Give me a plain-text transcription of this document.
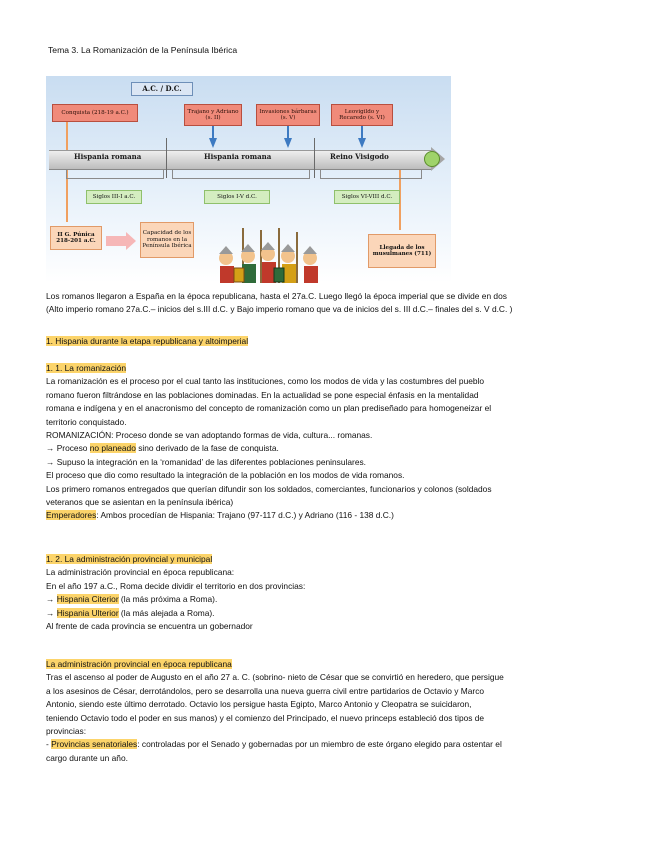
Tema 3. La Romanización de la Península Ibérica
A.C. / D.C.
Conquista (218-19 a.C.)	Trajano y Adriano (s. II)
Invasiones bárbaras (s. V)
Leovigildo y Recaredo (s. VI)
Hispania romana	Hispania romana	Reino Visigodo
Siglos III-I a.C.	Siglos I-V d.C.	Siglos VI-VIII d.C.
II G. Púnica 218-201 a.C.
Capacidad de los romanos en la Península Ibérica	Llegada de los musulmanes (711)
Los romanos llegaron a España en la época republicana, hasta el 27a.C. Luego llegó la época imperial que se divide en dos
(Alto imperio romano 27a.C.– inicios del s.III d.C. y Bajo imperio romano que va de inicios del s. III d.C.– finales del s. V d.C. )
1. Hispania durante la etapa republicana y altoimperial
1. 1. La romanización
La romanización es el proceso por el cual tanto las instituciones, como los modos de vida y las costumbres del pueblo
romano fueron filtrándose en las poblaciones dominadas. En la actualidad se pone especial énfasis en la mentalidad
romana e indígena y en el anacronismo del concepto de romanización como un plan prediseñado para homogeneizar el
territorio conquistado.
ROMANIZACIÓN: Proceso donde se van adoptando formas de vida, cultura... romanas.
→ Proceso no planeado sino derivado de la fase de conquista.
→ Supuso la integración en la ‘romanidad’ de las diferentes poblaciones peninsulares.
El proceso que dio como resultado la integración de la población en los modos de vida romanos.
Los primero romanos entregados que querían difundir son los soldados, comerciantes, funcionarios y colonos (soldados
veteranos que se asientan en la península ibérica)
Emperadores: Ambos procedían de Hispania: Trajano (97-117 d.C.) y Adriano (116 - 138 d.C.)
1. 2. La administración provincial y municipal
La administración provincial en época republicana:
En el año 197 a.C., Roma decide dividir el territorio en dos provincias:
→ Hispania Citerior (la más próxima a Roma).
→ Hispania Ulterior (la más alejada a Roma).
Al frente de cada provincia se encuentra un gobernador
La administración provincial en época republicana
Tras el ascenso al poder de Augusto en el año 27 a. C. (sobrino- nieto de César que se convirtió en heredero, que persigue
a los asesinos de César, derrotándolos, pero se desarrolla una nueva guerra civil entre partidarios de Octavio y Marco
Antonio, siendo este último derrotado. Octavio los persigue hasta Egipto, Marco Antonio y Cleopatra se suicidaron,
teniendo Octavio todo el poder en sus manos) y el comienzo del Principado, el nuevo princeps estableció dos tipos de
provincias:
- Provincias senatoriales: controladas por el Senado y gobernadas por un miembro de este órgano elegido para ostentar el
cargo durante un año.
